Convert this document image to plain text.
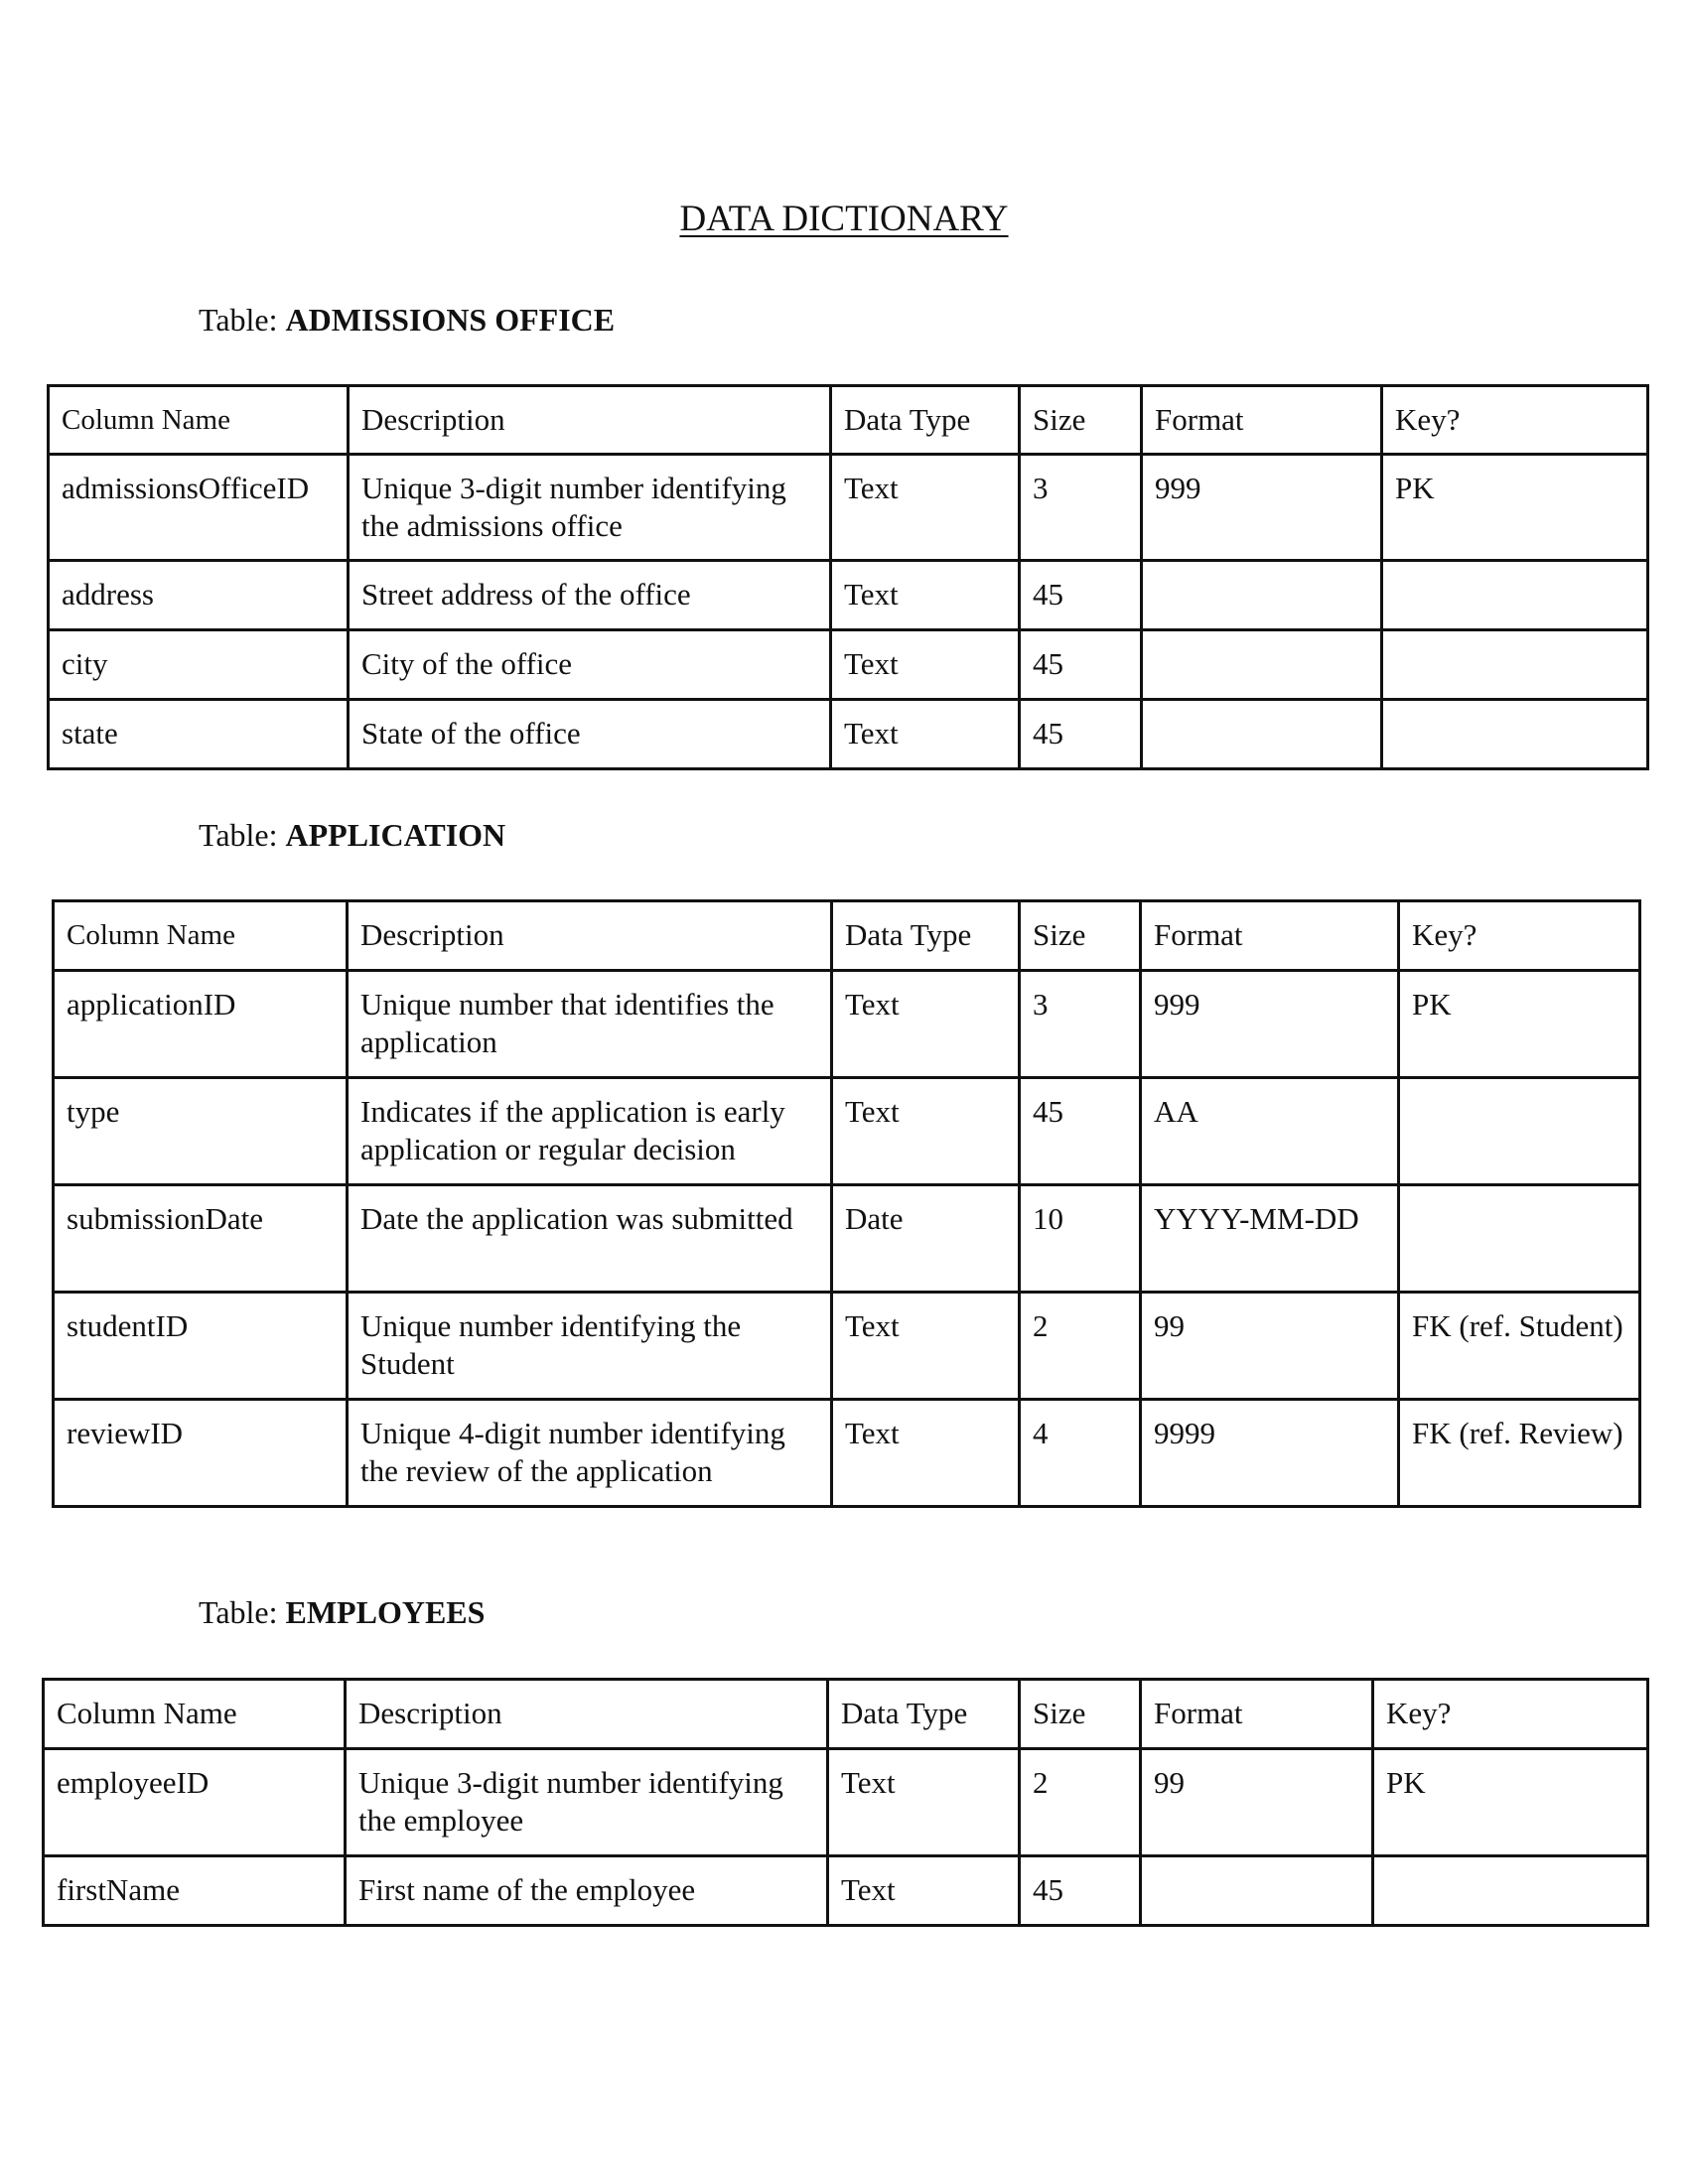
DATA DICTIONARY
Table: ADMISSIONS OFFICE
Column Name	Description	Data Type	Size	Format	Key?
admissionsOfficeID	Unique 3-digit number identifying the admissions office	Text	3	999	PK
address	Street address of the office	Text	45		
city	City of the office	Text	45		
state	State of the office	Text	45		
Table: APPLICATION
Column Name	Description	Data Type	Size	Format	Key?
applicationID	Unique number that identifies the application	Text	3	999	PK
type	Indicates if the application is early application or regular decision	Text	45	AA	
submissionDate	Date the application was submitted	Date	10	YYYY-MM-DD	
studentID	Unique number identifying the Student	Text	2	99	FK (ref. Student)
reviewID	Unique 4-digit number identifying the review of the application	Text	4	9999	FK (ref. Review)
Table: EMPLOYEES
Column Name	Description	Data Type	Size	Format	Key?
employeeID	Unique 3-digit number identifying the employee	Text	2	99	PK
firstName	First name of the employee	Text	45		
